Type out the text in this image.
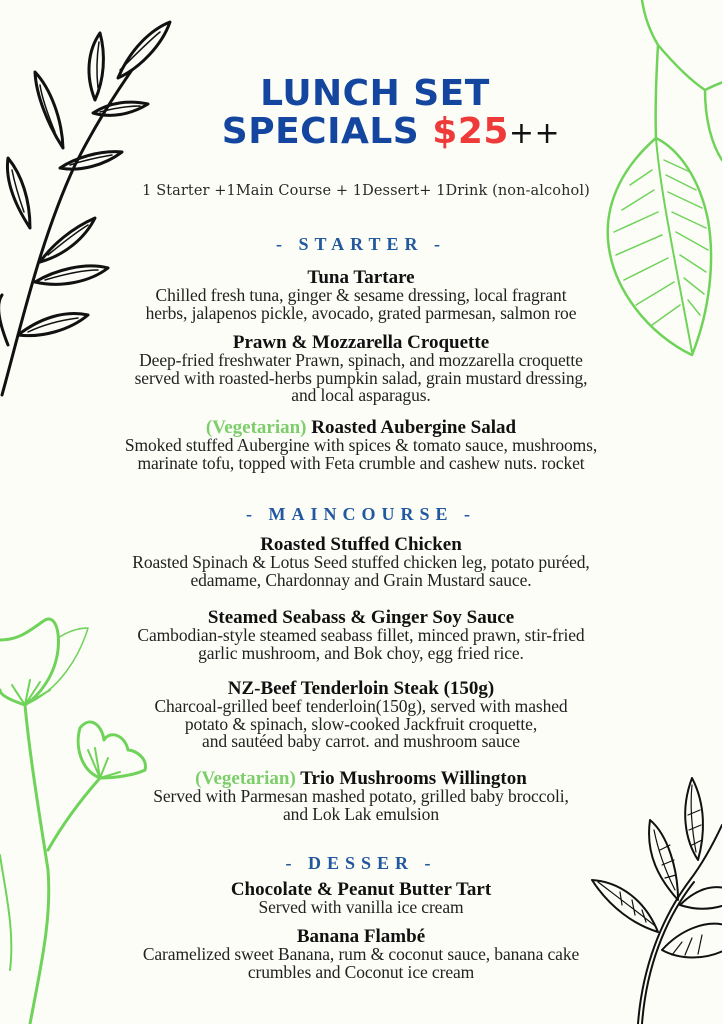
LUNCH SET
SPECIALS $25++
1 Starter +1Main Course + 1Dessert+ 1Drink (non-alcohol)
- STARTER -
Tuna Tartare
Chilled fresh tuna, ginger & sesame dressing, local fragrant
herbs, jalapenos pickle, avocado, grated parmesan, salmon roe
Prawn & Mozzarella Croquette
Deep-fried freshwater Prawn, spinach, and mozzarella croquette
served with roasted-herbs pumpkin salad, grain mustard dressing,
and local asparagus.
(Vegetarian) Roasted Aubergine Salad
Smoked stuffed Aubergine with spices & tomato sauce, mushrooms,
marinate tofu, topped with Feta crumble and cashew nuts. rocket
- MAINCOURSE -
Roasted Stuffed Chicken
Roasted Spinach & Lotus Seed stuffed chicken leg, potato puréed,
edamame, Chardonnay and Grain Mustard sauce.
Steamed Seabass & Ginger Soy Sauce
Cambodian-style steamed seabass fillet, minced prawn, stir-fried
garlic mushroom, and Bok choy, egg fried rice.
NZ-Beef Tenderloin Steak (150g)
Charcoal-grilled beef tenderloin(150g), served with mashed
potato & spinach, slow-cooked Jackfruit croquette,
and sautéed baby carrot. and mushroom sauce
(Vegetarian) Trio Mushrooms Willington
Served with Parmesan mashed potato, grilled baby broccoli,
and Lok Lak emulsion
- DESSER -
Chocolate & Peanut Butter Tart
Served with vanilla ice cream
Banana Flambé
Caramelized sweet Banana, rum & coconut sauce, banana cake
crumbles and Coconut ice cream
